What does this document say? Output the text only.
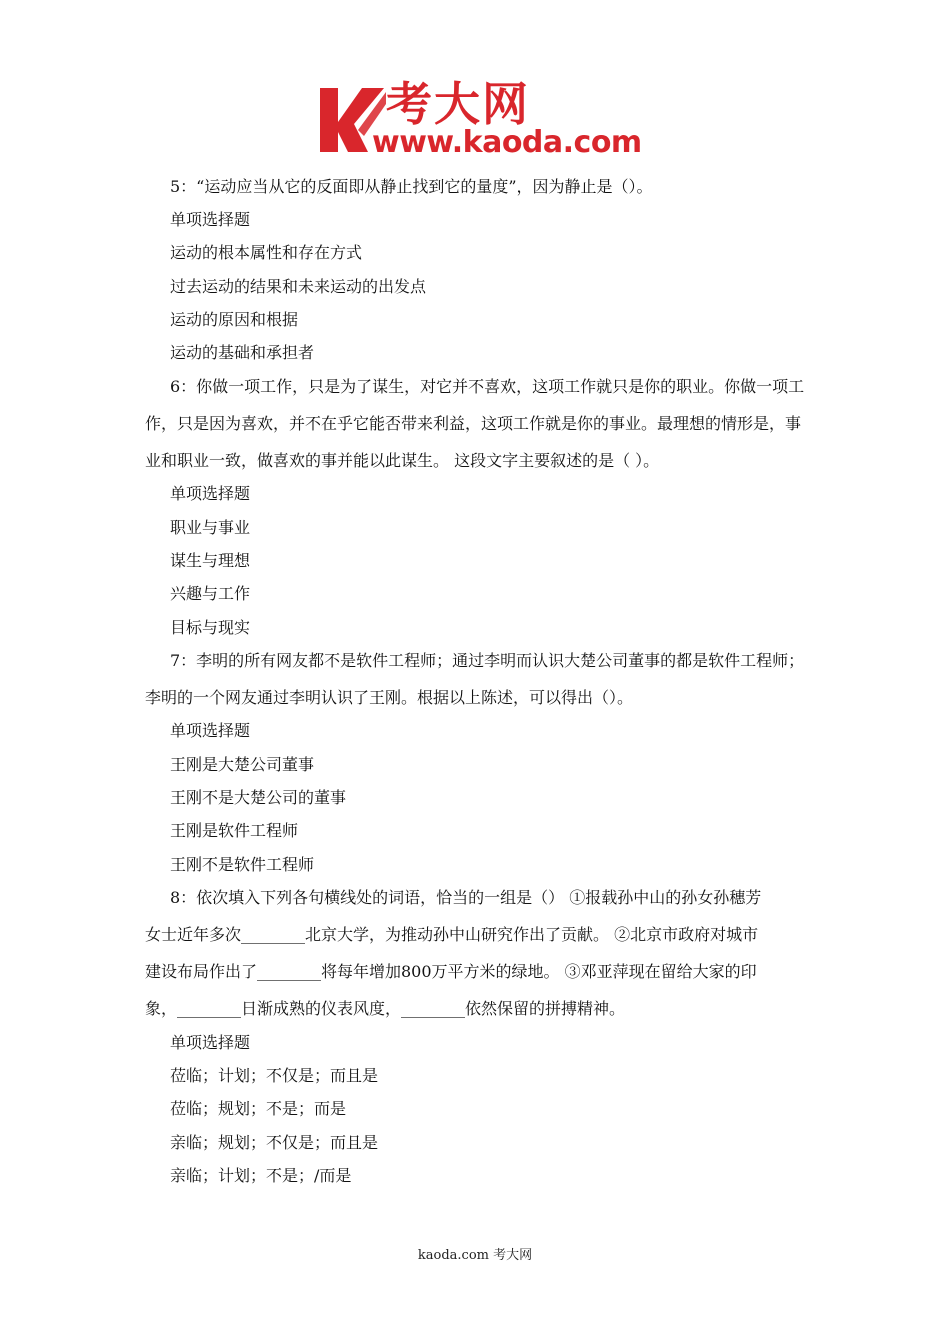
考大网
www.kaoda.com
5：“运动应当从它的反面即从静止找到它的量度”，因为静止是（）。
单项选择题
运动的根本属性和存在方式
过去运动的结果和未来运动的出发点
运动的原因和根据
运动的基础和承担者
6：你做一项工作，只是为了谋生，对它并不喜欢，这项工作就只是你的职业。你做一项工
作，只是因为喜欢，并不在乎它能否带来利益，这项工作就是你的事业。最理想的情形是，事
业和职业一致，做喜欢的事并能以此谋生。 这段文字主要叙述的是（ ）。
单项选择题
职业与事业
谋生与理想
兴趣与工作
目标与现实
7：李明的所有网友都不是软件工程师；通过李明而认识大楚公司董事的都是软件工程师；
李明的一个网友通过李明认识了王刚。根据以上陈述，可以得出（）。
单项选择题
王刚是大楚公司董事
王刚不是大楚公司的董事
王刚是软件工程师
王刚不是软件工程师
8：依次填入下列各句横线处的词语，恰当的一组是（） ①报载孙中山的孙女孙穗芳
女士近年多次________北京大学，为推动孙中山研究作出了贡献。 ②北京市政府对城市
建设布局作出了________将每年增加800万平方米的绿地。 ③邓亚萍现在留给大家的印
象，________日渐成熟的仪表风度，________依然保留的拼搏精神。
单项选择题
莅临；计划；不仅是；而且是
莅临；规划；不是；而是
亲临；规划；不仅是；而且是
亲临；计划；不是；/而是
kaoda.com 考大网
